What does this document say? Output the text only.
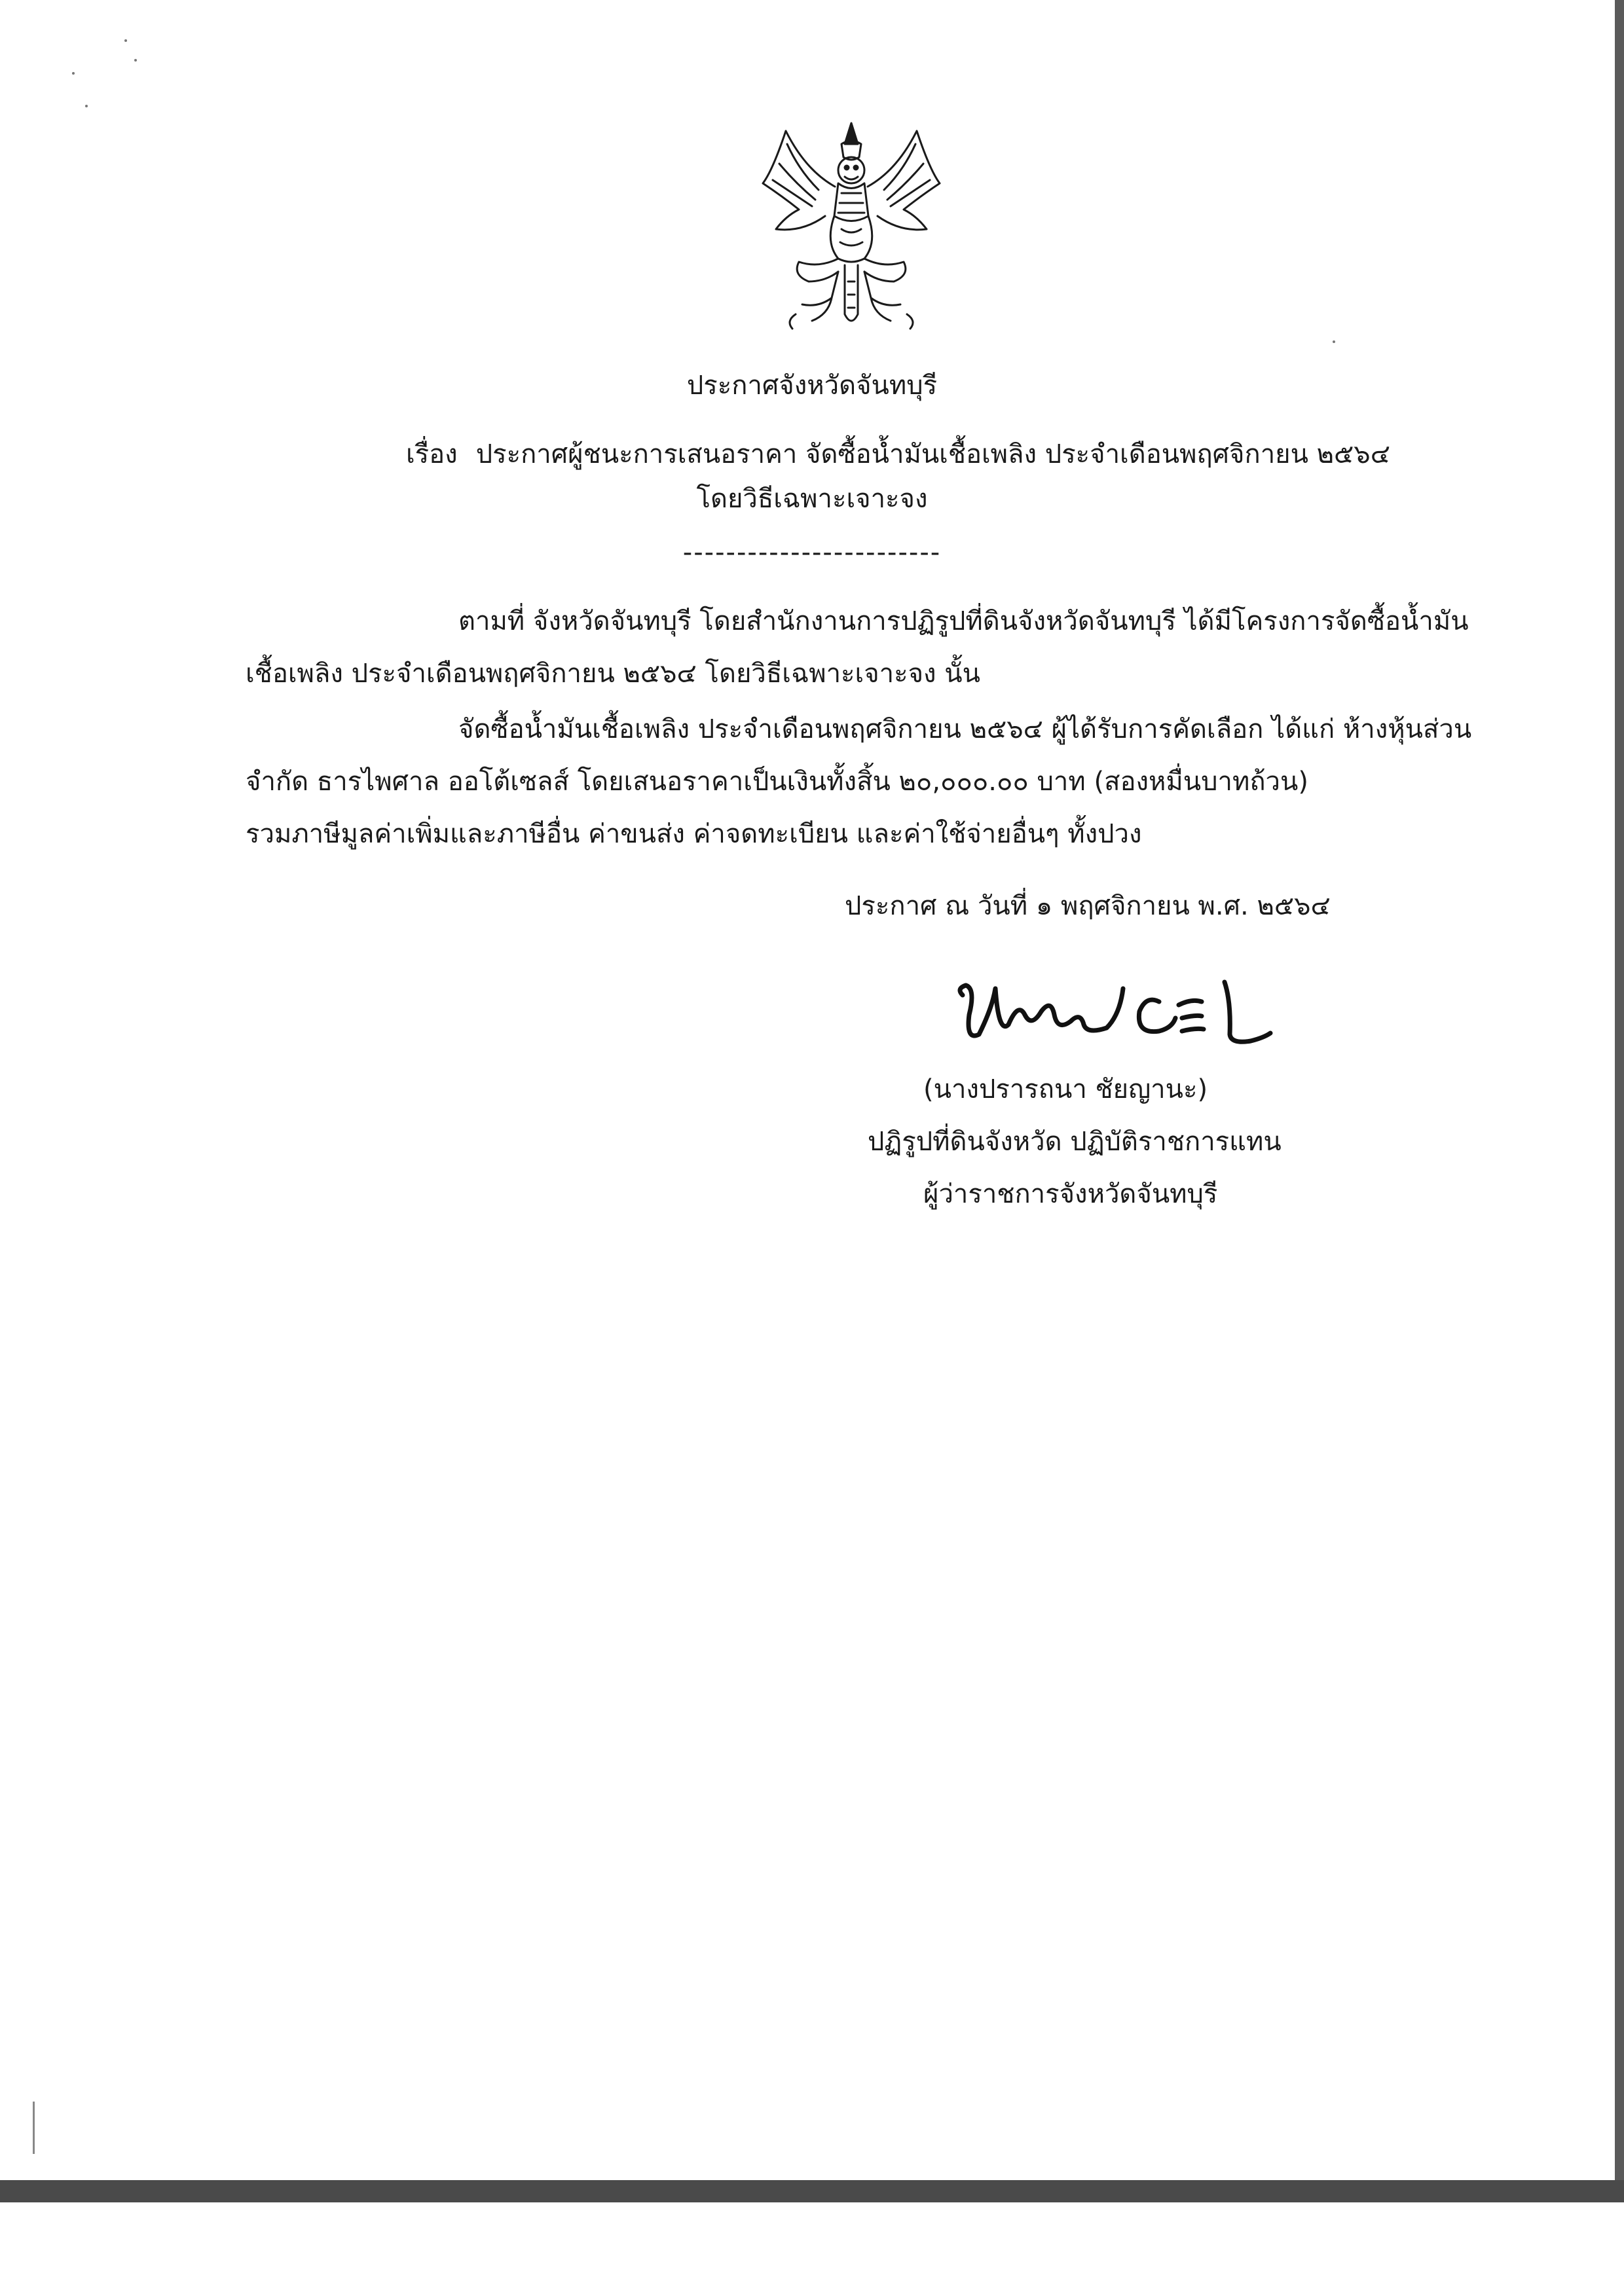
ประกาศจังหวัดจันทบุรี
เรื่อง ประกาศผู้ชนะการเสนอราคา จัดซื้อน้ำมันเชื้อเพลิง ประจำเดือนพฤศจิกายน ๒๕๖๔
โดยวิธีเฉพาะเจาะจง
------------------------
ตามที่ จังหวัดจันทบุรี โดยสำนักงานการปฏิรูปที่ดินจังหวัดจันทบุรี ได้มีโครงการจัดซื้อน้ำมัน
เชื้อเพลิง ประจำเดือนพฤศจิกายน ๒๕๖๔ โดยวิธีเฉพาะเจาะจง นั้น
จัดซื้อน้ำมันเชื้อเพลิง ประจำเดือนพฤศจิกายน ๒๕๖๔ ผู้ได้รับการคัดเลือก ได้แก่ ห้างหุ้นส่วน
จำกัด ธารไพศาล ออโต้เซลส์ โดยเสนอราคาเป็นเงินทั้งสิ้น ๒๐,๐๐๐.๐๐ บาท (สองหมื่นบาทถ้วน)
รวมภาษีมูลค่าเพิ่มและภาษีอื่น ค่าขนส่ง ค่าจดทะเบียน และค่าใช้จ่ายอื่นๆ ทั้งปวง
ประกาศ ณ วันที่ ๑ พฤศจิกายน พ.ศ. ๒๕๖๔
(นางปรารถนา ชัยญานะ)
ปฏิรูปที่ดินจังหวัด ปฏิบัติราชการแทน
ผู้ว่าราชการจังหวัดจันทบุรี
